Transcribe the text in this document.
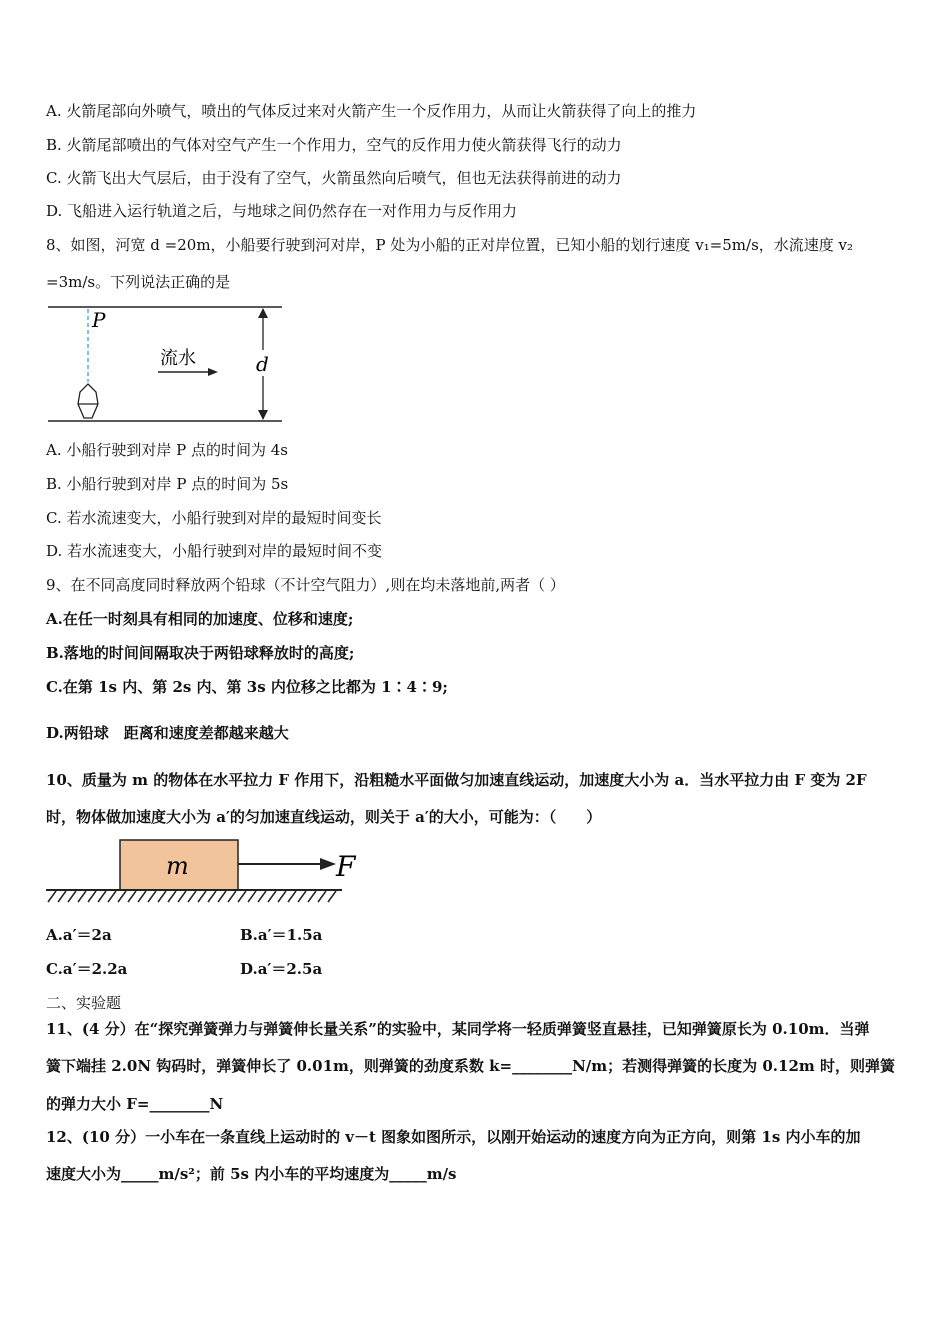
A. 火箭尾部向外喷气，喷出的气体反过来对火箭产生一个反作用力，从而让火箭获得了向上的推力
B. 火箭尾部喷出的气体对空气产生一个作用力，空气的反作用力使火箭获得飞行的动力
C. 火箭飞出大气层后，由于没有了空气，火箭虽然向后喷气，但也无法获得前进的动力
D. 飞船进入运行轨道之后，与地球之间仍然存在一对作用力与反作用力
8、如图，河宽 d =20m，小船要行驶到河对岸，P 处为小船的正对岸位置，已知小船的划行速度 v₁=5m/s，水流速度 v₂
=3m/s。下列说法正确的是
P
流水	d
A. 小船行驶到对岸 P 点的时间为 4s
B. 小船行驶到对岸 P 点的时间为 5s
C. 若水流速变大，小船行驶到对岸的最短时间变长
D. 若水流速变大，小船行驶到对岸的最短时间不变
9、在不同高度同时释放两个铅球（不计空气阻力）,则在均未落地前,两者（ ）
A.在任一时刻具有相同的加速度、位移和速度;
B.落地的时间间隔取决于两铅球释放时的高度;
C.在第 1s 内、第 2s 内、第 3s 内位移之比都为 1∶4∶9;
D.两铅球　距离和速度差都越来越大
10、质量为 m 的物体在水平拉力 F 作用下，沿粗糙水平面做匀加速直线运动，加速度大小为 a．当水平拉力由 F 变为 2F
时，物体做加速度大小为 a′的匀加速直线运动，则关于 a′的大小，可能为：（　　）
m	F
A.a′＝2a	B.a′＝1.5a
C.a′＝2.2a	D.a′＝2.5a
二、实验题
11、(4 分）在“探究弹簧弹力与弹簧伸长量关系”的实验中，某同学将一轻质弹簧竖直悬挂，已知弹簧原长为 0.10m．当弹
簧下端挂 2.0N 钩码时，弹簧伸长了 0.01m，则弹簧的劲度系数 k=________N/m；若测得弹簧的长度为 0.12m 时，则弹簧
的弹力大小 F=________N
12、(10 分）一小车在一条直线上运动时的 v－t 图象如图所示，以刚开始运动的速度方向为正方向，则第 1s 内小车的加
速度大小为_____m/s²；前 5s 内小车的平均速度为_____m/s
